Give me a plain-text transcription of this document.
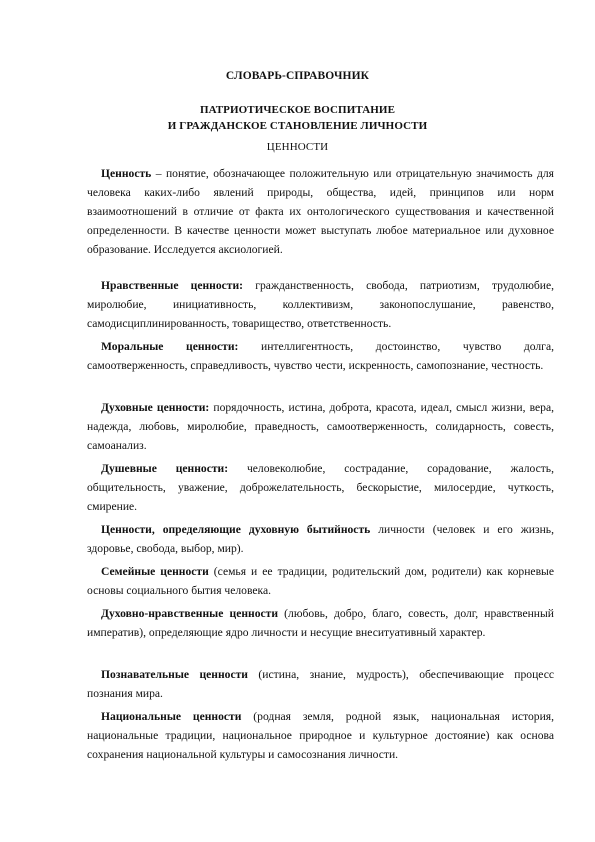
СЛОВАРЬ-СПРАВОЧНИК
ПАТРИОТИЧЕСКОЕ ВОСПИТАНИЕ
И ГРАЖДАНСКОЕ СТАНОВЛЕНИЕ ЛИЧНОСТИ
ЦЕННОСТИ

Ценность – понятие, обозначающее положительную или отрицательную значимость для человека каких-либо явлений природы, общества, идей, принципов или норм взаимоотношений в отличие от факта их онтологического существования и качественной определенности. В качестве ценности может выступать любое материальное или духовное образование. Исследуется аксиологией.

Нравственные ценности: гражданственность, свобода, патриотизм, трудолюбие, миролюбие, инициативность, коллективизм, законопослушание, равенство, самодисциплинированность, товарищество, ответственность.

Моральные ценности: интеллигентность, достоинство, чувство долга, самоотверженность, справедливость, чувство чести, искренность, самопознание, честность.

Духовные ценности: порядочность, истина, доброта, красота, идеал, смысл жизни, вера, надежда, любовь, миролюбие, праведность, самоотверженность, солидарность, совесть, самоанализ.

Душевные ценности: человеколюбие, сострадание, сорадование, жалость, общительность, уважение, доброжелательность, бескорыстие, милосердие, чуткость, смирение.

Ценности, определяющие духовную бытийность личности (человек и его жизнь, здоровье, свобода, выбор, мир).

Семейные ценности (семья и ее традиции, родительский дом, родители) как корневые основы социального бытия человека.

Духовно-нравственные ценности (любовь, добро, благо, совесть, долг, нравственный императив), определяющие ядро личности и несущие внеситуативный характер.

Познавательные ценности (истина, знание, мудрость), обеспечивающие процесс познания мира.

Национальные ценности (родная земля, родной язык, национальная история, национальные традиции, национальное природное и культурное достояние) как основа сохранения национальной культуры и самосознания личности.
